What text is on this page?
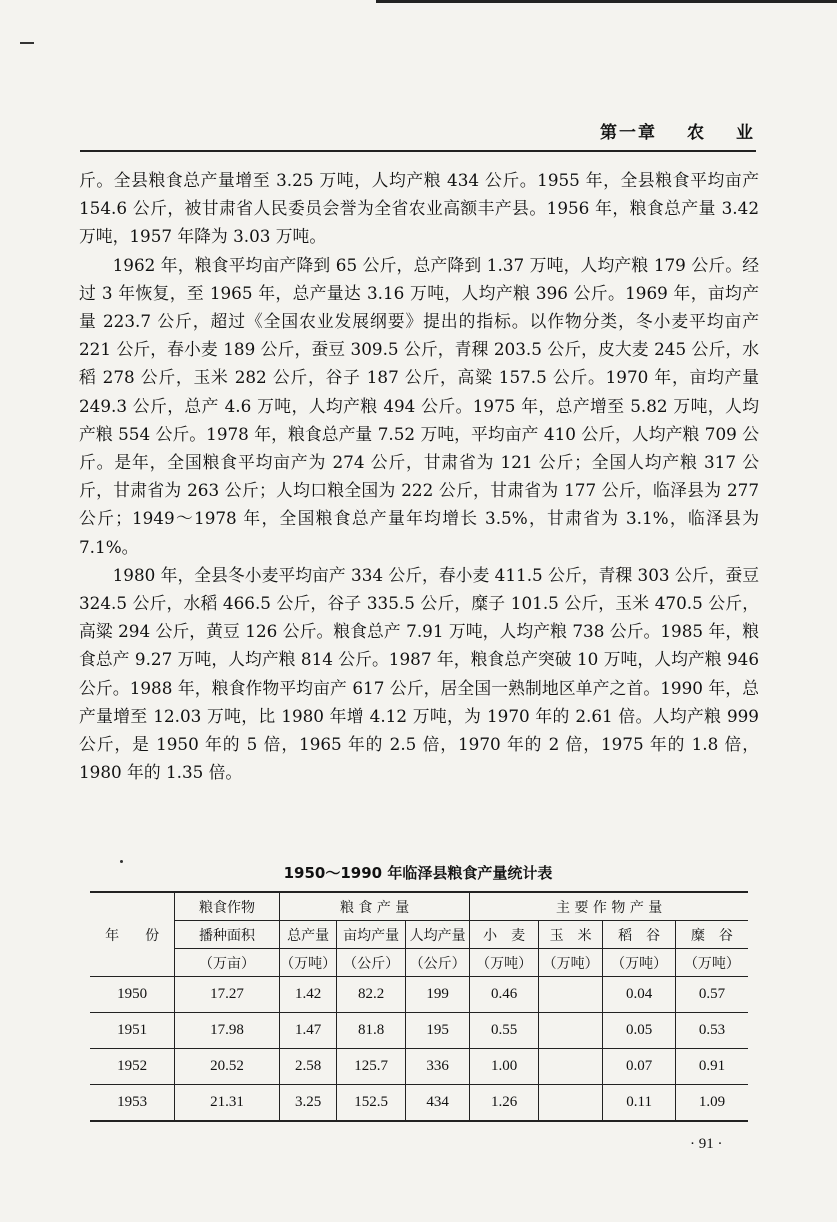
第一章 农 业

斤。全县粮食总产量增至 3.25 万吨，人均产粮 434 公斤。1955 年，全县粮食平均亩产 154.6 公斤，被甘肃省人民委员会誉为全省农业高额丰产县。1956 年，粮食总产量 3.42 万吨，1957 年降为 3.03 万吨。

1962 年，粮食平均亩产降到 65 公斤，总产降到 1.37 万吨，人均产粮 179 公斤。经过 3 年恢复，至 1965 年，总产量达 3.16 万吨，人均产粮 396 公斤。1969 年，亩均产量 223.7 公斤，超过《全国农业发展纲要》提出的指标。以作物分类，冬小麦平均亩产 221 公斤，春小麦 189 公斤，蚕豆 309.5 公斤，青稞 203.5 公斤，皮大麦 245 公斤，水稻 278 公斤，玉米 282 公斤，谷子 187 公斤，高粱 157.5 公斤。1970 年，亩均产量 249.3 公斤，总产 4.6 万吨，人均产粮 494 公斤。1975 年，总产增至 5.82 万吨，人均产粮 554 公斤。1978 年，粮食总产量 7.52 万吨，平均亩产 410 公斤，人均产粮 709 公斤。是年，全国粮食平均亩产为 274 公斤，甘肃省为 121 公斤；全国人均产粮 317 公斤，甘肃省为 263 公斤；人均口粮全国为 222 公斤，甘肃省为 177 公斤，临泽县为 277 公斤；1949～1978 年，全国粮食总产量年均增长 3.5%，甘肃省为 3.1%，临泽县为 7.1%。

1980 年，全县冬小麦平均亩产 334 公斤，春小麦 411.5 公斤，青稞 303 公斤，蚕豆 324.5 公斤，水稻 466.5 公斤，谷子 335.5 公斤，糜子 101.5 公斤，玉米 470.5 公斤，高粱 294 公斤，黄豆 126 公斤。粮食总产 7.91 万吨，人均产粮 738 公斤。1985 年，粮食总产 9.27 万吨，人均产粮 814 公斤。1987 年，粮食总产突破 10 万吨，人均产粮 946 公斤。1988 年，粮食作物平均亩产 617 公斤，居全国一熟制地区单产之首。1990 年，总产量增至 12.03 万吨，比 1980 年增 4.12 万吨，为 1970 年的 2.61 倍。人均产粮 999 公斤，是 1950 年的 5 倍，1965 年的 2.5 倍，1970 年的 2 倍，1975 年的 1.8 倍，1980 年的 1.35 倍。

1950～1990 年临泽县粮食产量统计表
年 份	粮食作物	粮 食 产 量			主 要 作 物 产 量			
	播种面积	总产量	亩均产量	人均产量	小　麦	玉　米	稻　谷	糜　谷
	（万亩）	（万吨）	（公斤）	（公斤）	（万吨）	（万吨）	（万吨）	（万吨）
1950	17.27	1.42	82.2	199	0.46		0.04	0.57
1951	17.98	1.47	81.8	195	0.55		0.05	0.53
1952	20.52	2.58	125.7	336	1.00		0.07	0.91
1953	21.31	3.25	152.5	434	1.26		0.11	1.09
· 91 ·
